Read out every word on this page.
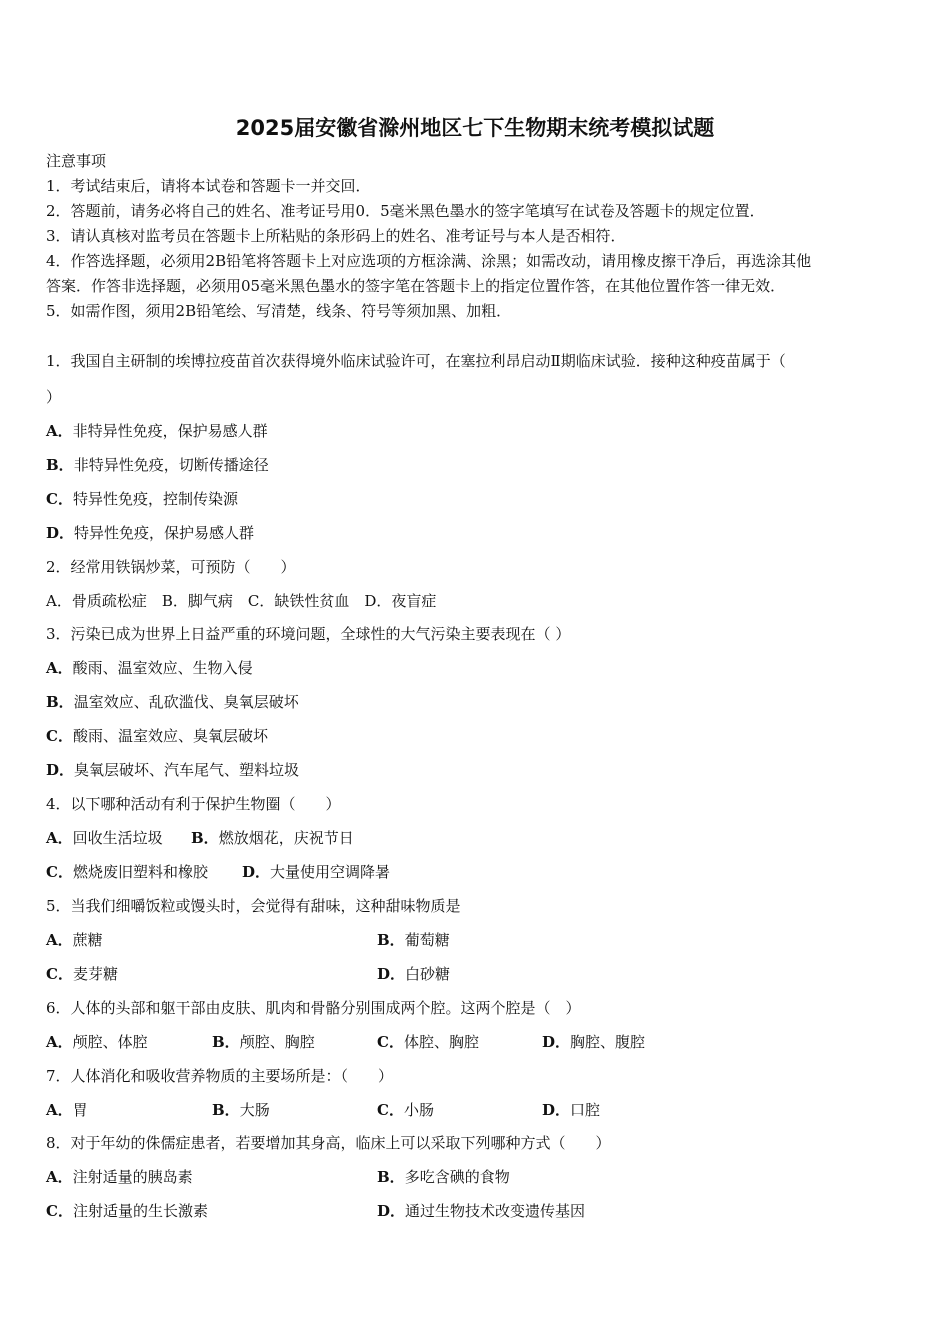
2025届安徽省滁州地区七下生物期末统考模拟试题
注意事项
1．考试结束后，请将本试卷和答题卡一并交回．
2．答题前，请务必将自己的姓名、准考证号用0．5毫米黑色墨水的签字笔填写在试卷及答题卡的规定位置．
3．请认真核对监考员在答题卡上所粘贴的条形码上的姓名、准考证号与本人是否相符．
4．作答选择题，必须用2B铅笔将答题卡上对应选项的方框涂满、涂黑；如需改动，请用橡皮擦干净后，再选涂其他
答案．作答非选择题，必须用05毫米黑色墨水的签字笔在答题卡上的指定位置作答，在其他位置作答一律无效．
5．如需作图，须用2B铅笔绘、写清楚，线条、符号等须加黑、加粗．
1．我国自主研制的埃博拉疫苗首次获得境外临床试验许可，在塞拉利昂启动Ⅱ期临床试验．接种这种疫苗属于（
）
A．非特异性免疫，保护易感人群
B．非特异性免疫，切断传播途径
C．特异性免疫，控制传染源
D．特异性免疫，保护易感人群
2．经常用铁锅炒菜，可预防（　　）
A．骨质疏松症　B．脚气病　C．缺铁性贫血　D．夜盲症
3．污染已成为世界上日益严重的环境问题，全球性的大气污染主要表现在（ ）
A．酸雨、温室效应、生物入侵
B．温室效应、乱砍滥伐、臭氧层破坏
C．酸雨、温室效应、臭氧层破坏
D．臭氧层破坏、汽车尾气、塑料垃圾
4．以下哪种活动有利于保护生物圈（　　）
A．回收生活垃圾 B．燃放烟花，庆祝节日
C．燃烧废旧塑料和橡胶 D．大量使用空调降暑
5．当我们细嚼饭粒或馒头时，会觉得有甜味，这种甜味物质是
A．蔗糖	B．葡萄糖
C．麦芽糖	D．白砂糖
6．人体的头部和躯干部由皮肤、肌肉和骨骼分别围成两个腔。这两个腔是（　）
A．颅腔、体腔	B．颅腔、胸腔	C．体腔、胸腔	D．胸腔、腹腔
7．人体消化和吸收营养物质的主要场所是：（　　）
A．胃	B．大肠	C．小肠	D．口腔
8．对于年幼的侏儒症患者，若要增加其身高，临床上可以采取下列哪种方式（　　）
A．注射适量的胰岛素	B．多吃含碘的食物
C．注射适量的生长激素	D．通过生物技术改变遗传基因
